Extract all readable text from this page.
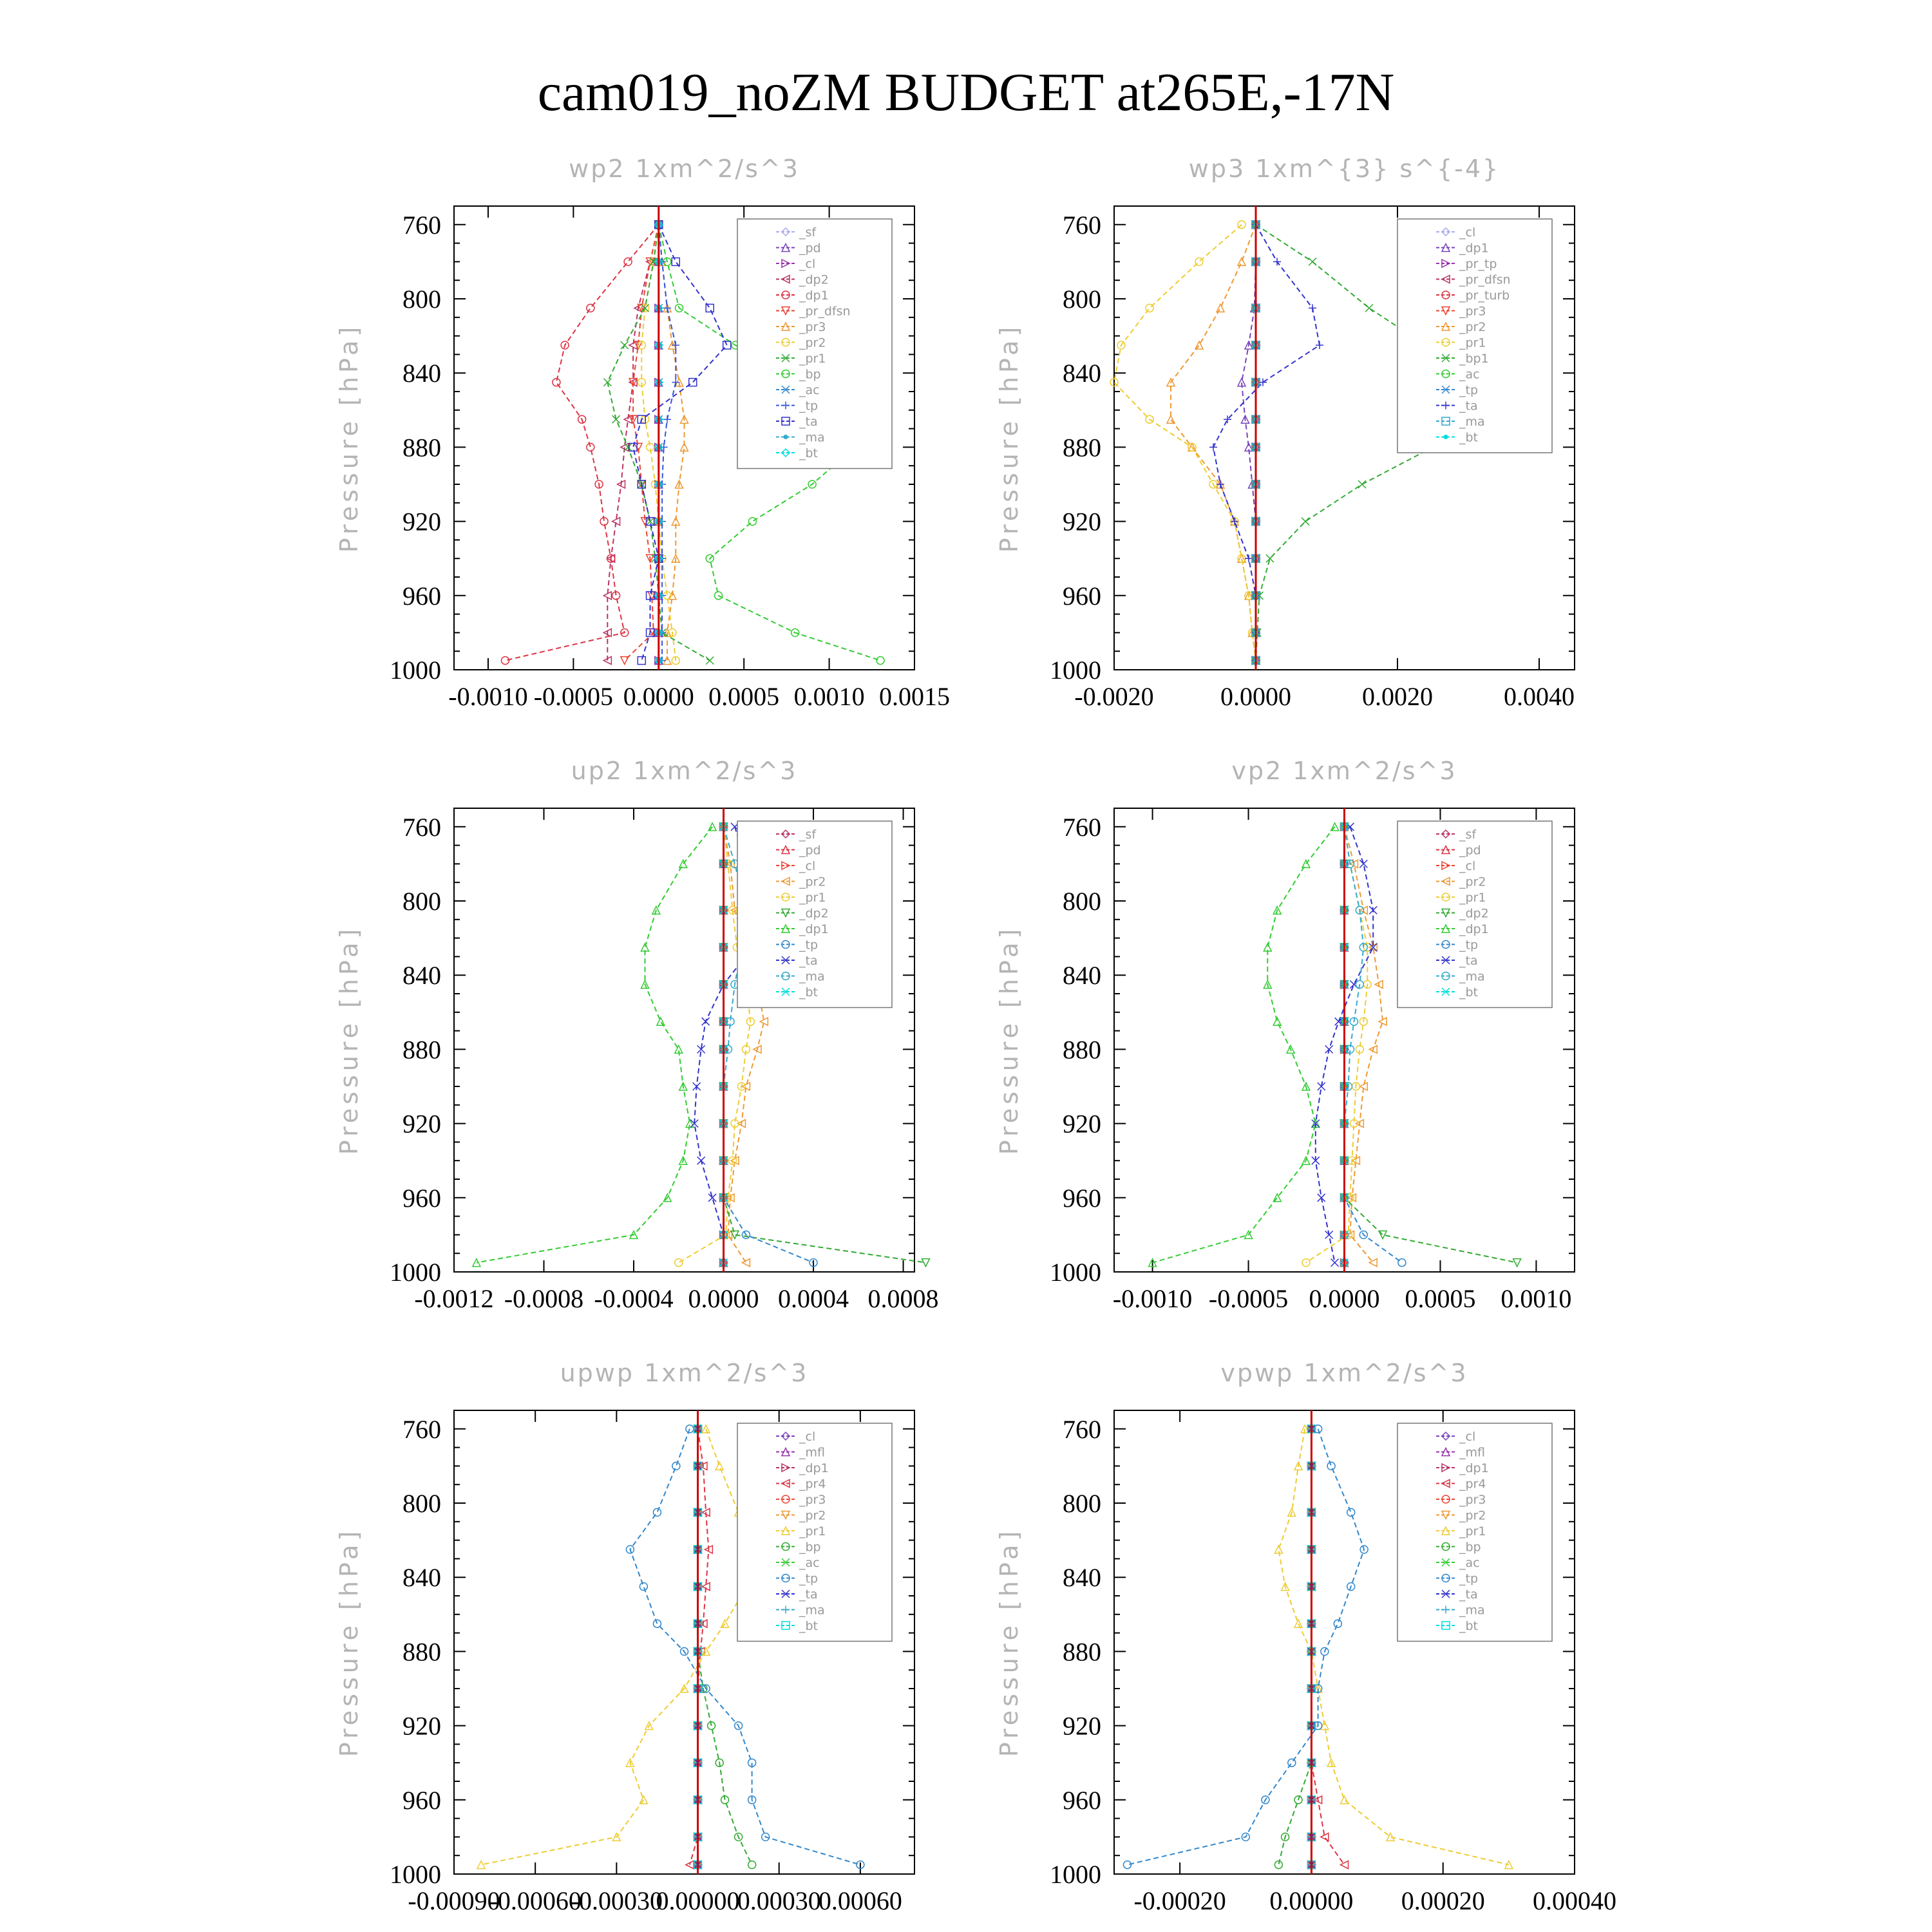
cam019_noZM BUDGET at265E,-17N
wp2 1xm^2/s^3
Pressure [hPa]
760
800
840
880
920
960
1000
-0.0010 -0.0005 0.0000 0.0005 0.0010 0.0015
_sf
_pd
_cl
_dp2
_dp1
_pr_dfsn
_pr3
_pr2
_pr1
_bp
_ac
_tp
_ta
_ma
_bt
wp3 1xm^{3} s^{-4}
Pressure [hPa]
760
800
840
880
920
960
1000
-0.0020	0.0000	0.0020	0.0040
_cl
_dp1
_pr_tp
_pr_dfsn
_pr_turb
_pr3
_pr2
_pr1
_bp1
_ac
_tp
_ta
_ma
_bt
up2 1xm^2/s^3
Pressure [hPa]
760
800
840
880
920
960
1000
-0.0012 -0.0008 -0.0004 0.0000 0.0004 0.0008
_sf
_pd
_cl
_pr2
_pr1
_dp2
_dp1
_tp
_ta
_ma
_bt
vp2 1xm^2/s^3
Pressure [hPa]
760
800
840
880
920
960
1000
-0.0010 -0.0005 0.0000 0.0005 0.0010
_sf
_pd
_cl
_pr2
_pr1
_dp2
_dp1
_tp
_ta
_ma
_bt
upwp 1xm^2/s^3
Pressure [hPa]
760
800
840
880
920
960
1000
-0.00090
-0.00060
-0.00030
0.00000
0.00030
0.00060
_cl
_mfl
_dp1
_pr4
_pr3
_pr2
_pr1
_bp
_ac
_tp
_ta
_ma
_bt
vpwp 1xm^2/s^3
Pressure [hPa]
760
800
840
880
920
960
1000
-0.00020 0.00000 0.00020 0.00040
_cl
_mfl
_dp1
_pr4
_pr3
_pr2
_pr1
_bp
_ac
_tp
_ta
_ma
_bt
